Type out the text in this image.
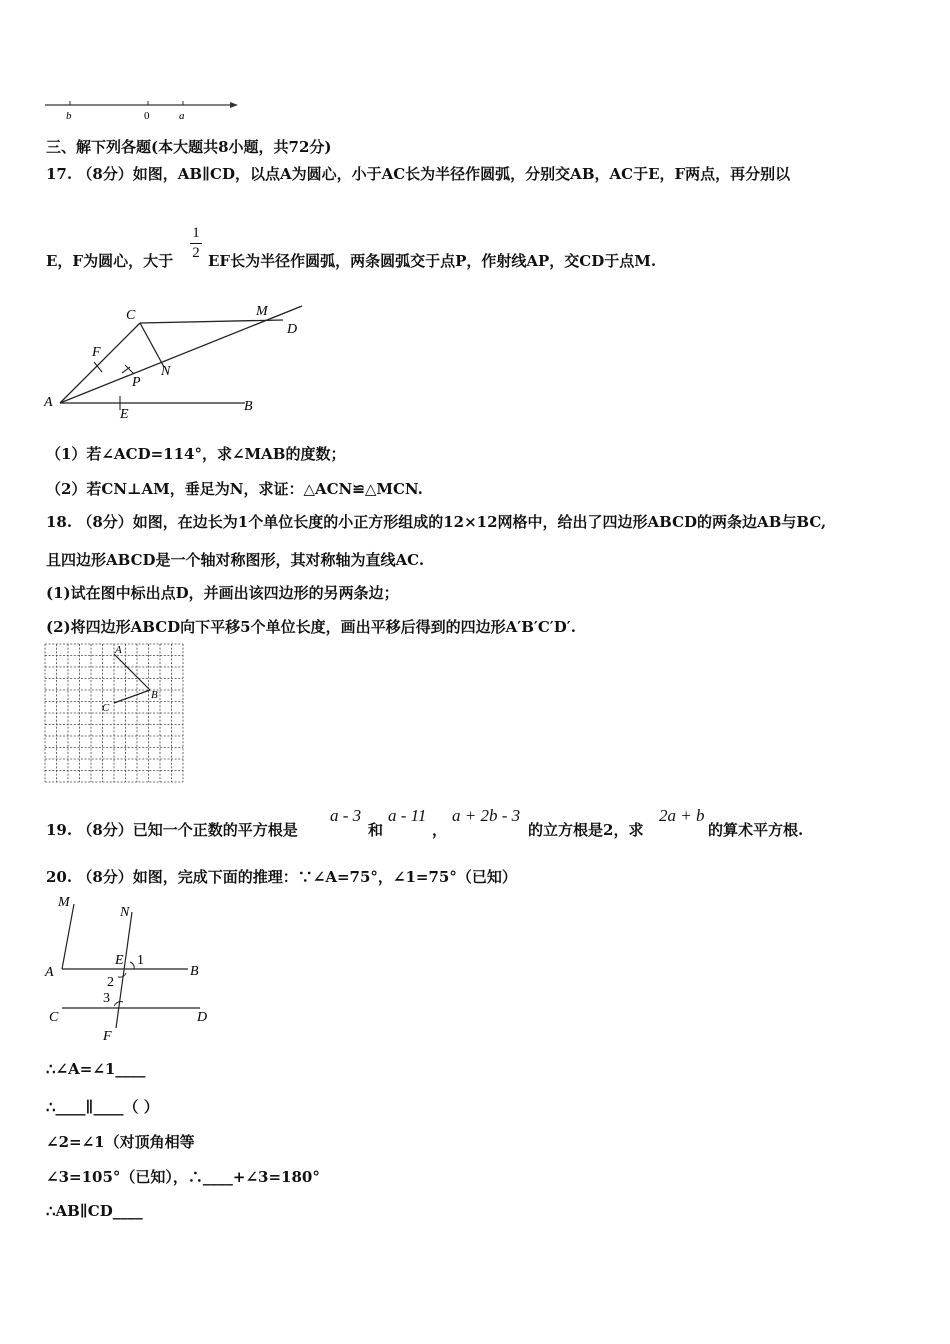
b	0	a
三、解下列各题(本大题共8小题，共72分)
17. （8分）如图，AB∥CD，以点A为圆心，小于AC长为半径作圆弧，分别交AB，AC于E，F两点，再分别以
E，F为圆心，大于
1
2 EF长为半径作圆弧，两条圆弧交于点P，作射线AP，交CD于点M.
C	M
D
F
P
N
A
E
B
（1）若∠ACD=114°，求∠MAB的度数；
（2）若CN⊥AM，垂足为N，求证：△ACN≌△MCN.
18. （8分）如图，在边长为1个单位长度的小正方形组成的12×12网格中，给出了四边形ABCD的两条边AB与BC,
且四边形ABCD是一个轴对称图形，其对称轴为直线AC.
(1)试在图中标出点D，并画出该四边形的另两条边；
(2)将四边形ABCD向下平移5个单位长度，画出平移后得到的四边形A′B′C′D′.
A
B
C
19. （8分）已知一个正数的平方根是
a - 3
和
a - 11
，
a + 2b - 3
的立方根是2，求
2a + b
的算术平方根.
20. （8分）如图，完成下面的推理：∵∠A=75°，∠1=75°（已知）
M
N
E 1
A	B
2
3
C	D
F
∴∠A=∠1____
∴____∥____（ ）
∠2=∠1（对顶角相等
∠3=105°（已知），∴____+∠3=180°
∴AB∥CD____
